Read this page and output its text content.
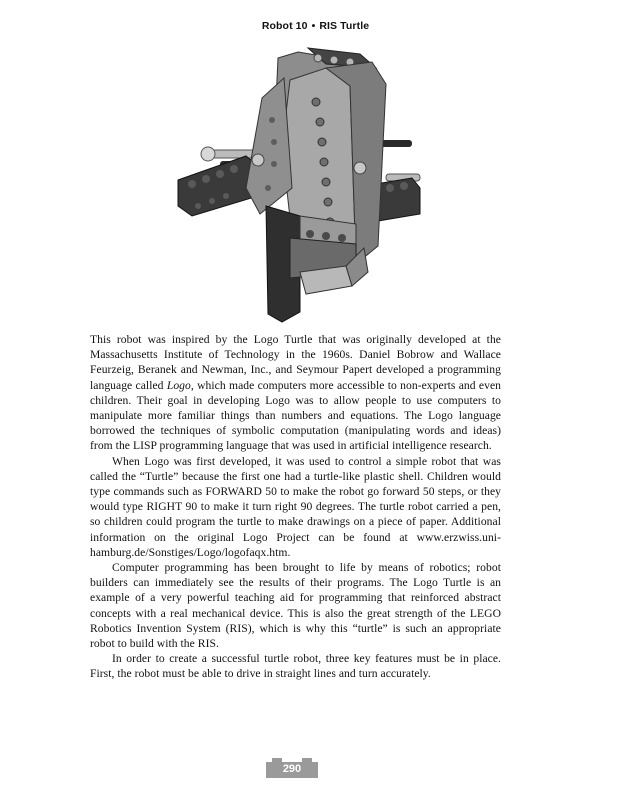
Robot 10 • RIS Turtle

This robot was inspired by the Logo Turtle that was originally developed at the Massachusetts Institute of Technology in the 1960s. Daniel Bobrow and Wallace Feurzeig, Beranek and Newman, Inc., and Seymour Papert developed a programming language called Logo, which made computers more accessible to non-experts and even children. Their goal in developing Logo was to allow people to use computers to manipulate more familiar things than numbers and equations. The Logo language borrowed the techniques of symbolic computation (manipulating words and ideas) from the LISP programming language that was used in artificial intelligence research.

When Logo was first developed, it was used to control a simple robot that was called the “Turtle” because the first one had a turtle-like plastic shell. Children would type commands such as FORWARD 50 to make the robot go forward 50 steps, or they would type RIGHT 90 to make it turn right 90 degrees. The turtle robot carried a pen, so children could program the turtle to make drawings on a piece of paper. Additional information on the original Logo Project can be found at www.erzwiss.uni-hamburg.de/Sonstiges/Logo/logofaqx.htm.

Computer programming has been brought to life by means of robotics; robot builders can immediately see the results of their programs. The Logo Turtle is an example of a very powerful teaching aid for programming that reinforced abstract concepts with a real mechanical device. This is also the great strength of the LEGO Robotics Invention System (RIS), which is why this “turtle” is such an appropriate robot to build with the RIS.

In order to create a successful turtle robot, three key features must be in place. First, the robot must be able to drive in straight lines and turn accurately.

290
